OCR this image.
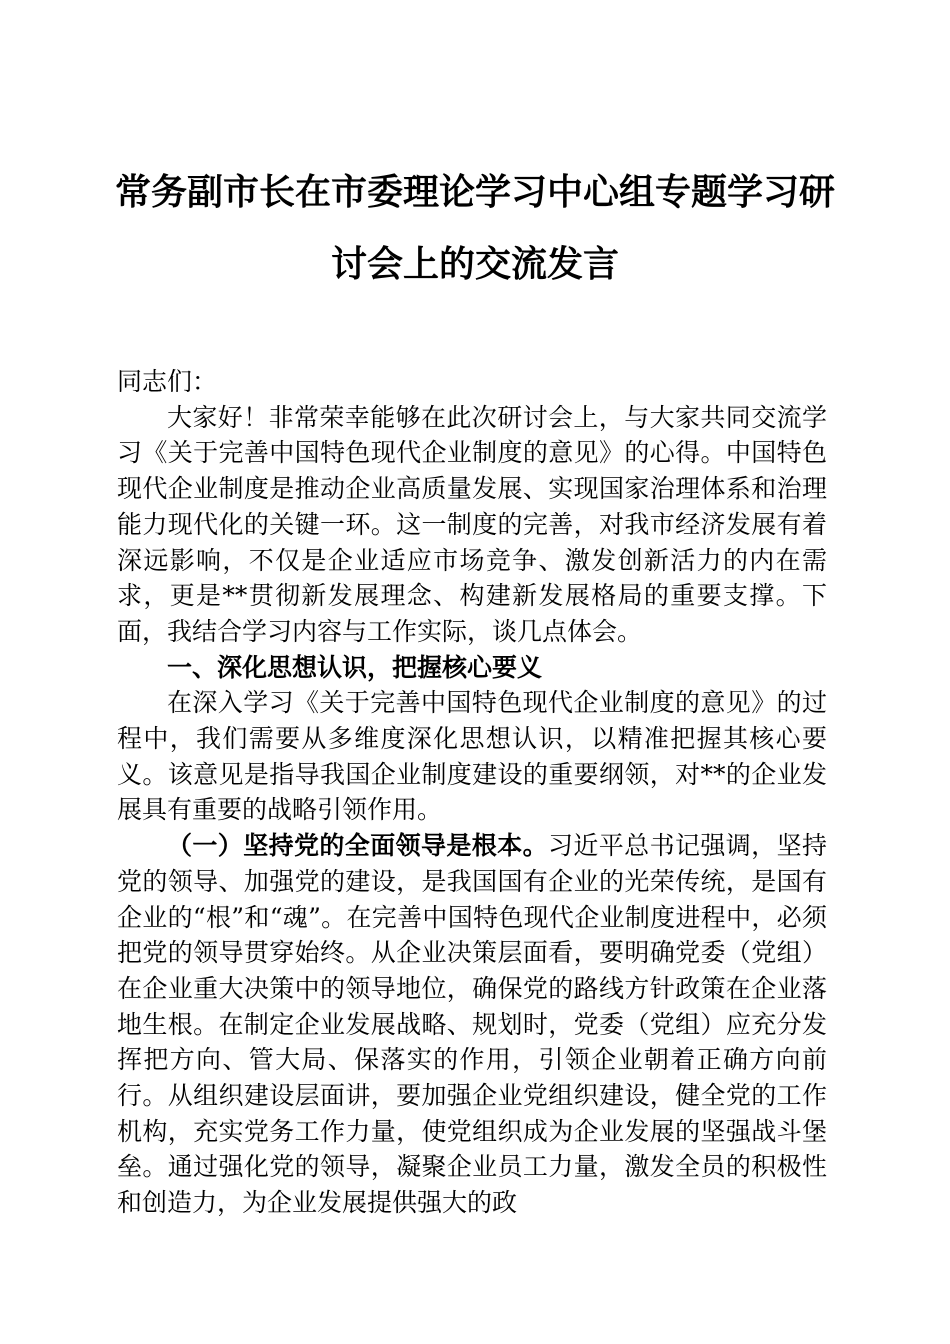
常务副市长在市委理论学习中心组专题学习研
讨会上的交流发言

同志们：

大家好！非常荣幸能够在此次研讨会上，与大家共同交流学习《关于完善中国特色现代企业制度的意见》的心得。中国特色现代企业制度是推动企业高质量发展、实现国家治理体系和治理能力现代化的关键一环。这一制度的完善，对我市经济发展有着深远影响，不仅是企业适应市场竞争、激发创新活力的内在需求，更是**贯彻新发展理念、构建新发展格局的重要支撑。下面，我结合学习内容与工作实际，谈几点体会。

一、深化思想认识，把握核心要义

在深入学习《关于完善中国特色现代企业制度的意见》的过程中，我们需要从多维度深化思想认识，以精准把握其核心要义。该意见是指导我国企业制度建设的重要纲领，对**的企业发展具有重要的战略引领作用。

（一）坚持党的全面领导是根本。习近平总书记强调，坚持党的领导、加强党的建设，是我国国有企业的光荣传统，是国有企业的“根”和“魂”。在完善中国特色现代企业制度进程中，必须把党的领导贯穿始终。从企业决策层面看，要明确党委（党组）在企业重大决策中的领导地位，确保党的路线方针政策在企业落地生根。在制定企业发展战略、规划时，党委（党组）应充分发挥把方向、管大局、保落实的作用，引领企业朝着正确方向前行。从组织建设层面讲，要加强企业党组织建设，健全党的工作机构，充实党务工作力量，使党组织成为企业发展的坚强战斗堡垒。通过强化党的领导，凝聚企业员工力量，激发全员的积极性和创造力，为企业发展提供强大的政
